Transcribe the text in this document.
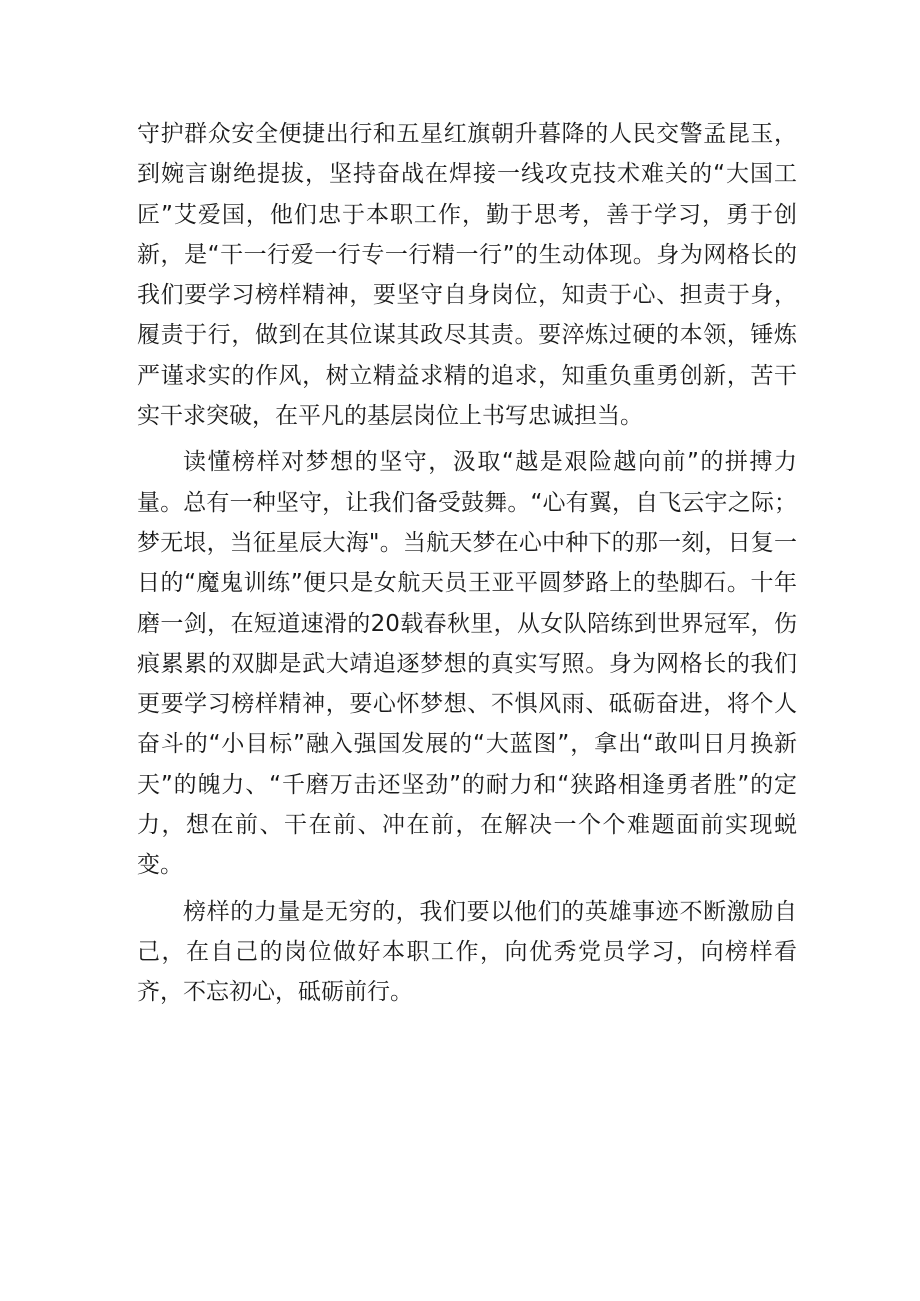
守护群众安全便捷出行和五星红旗朝升暮降的人民交警孟昆玉，到婉言谢绝提拔，坚持奋战在焊接一线攻克技术难关的“大国工匠”艾爱国，他们忠于本职工作，勤于思考，善于学习，勇于创新，是“干一行爱一行专一行精一行”的生动体现。身为网格长的我们要学习榜样精神，要坚守自身岗位，知责于心、担责于身，履责于行，做到在其位谋其政尽其责。要淬炼过硬的本领，锤炼严谨求实的作风，树立精益求精的追求，知重负重勇创新，苦干实干求突破，在平凡的基层岗位上书写忠诚担当。

读懂榜样对梦想的坚守，汲取“越是艰险越向前”的拼搏力量。总有一种坚守，让我们备受鼓舞。“心有翼，自飞云宇之际；梦无垠，当征星辰大海"。当航天梦在心中种下的那一刻，日复一日的“魔鬼训练”便只是女航天员王亚平圆梦路上的垫脚石。十年磨一剑，在短道速滑的20载春秋里，从女队陪练到世界冠军，伤痕累累的双脚是武大靖追逐梦想的真实写照。身为网格长的我们更要学习榜样精神，要心怀梦想、不惧风雨、砥砺奋进，将个人奋斗的“小目标”融入强国发展的“大蓝图”，拿出“敢叫日月换新天”的魄力、“千磨万击还坚劲”的耐力和“狭路相逢勇者胜”的定力，想在前、干在前、冲在前，在解决一个个难题面前实现蜕变。

榜样的力量是无穷的，我们要以他们的英雄事迹不断激励自己，在自己的岗位做好本职工作，向优秀党员学习，向榜样看齐，不忘初心，砥砺前行。
